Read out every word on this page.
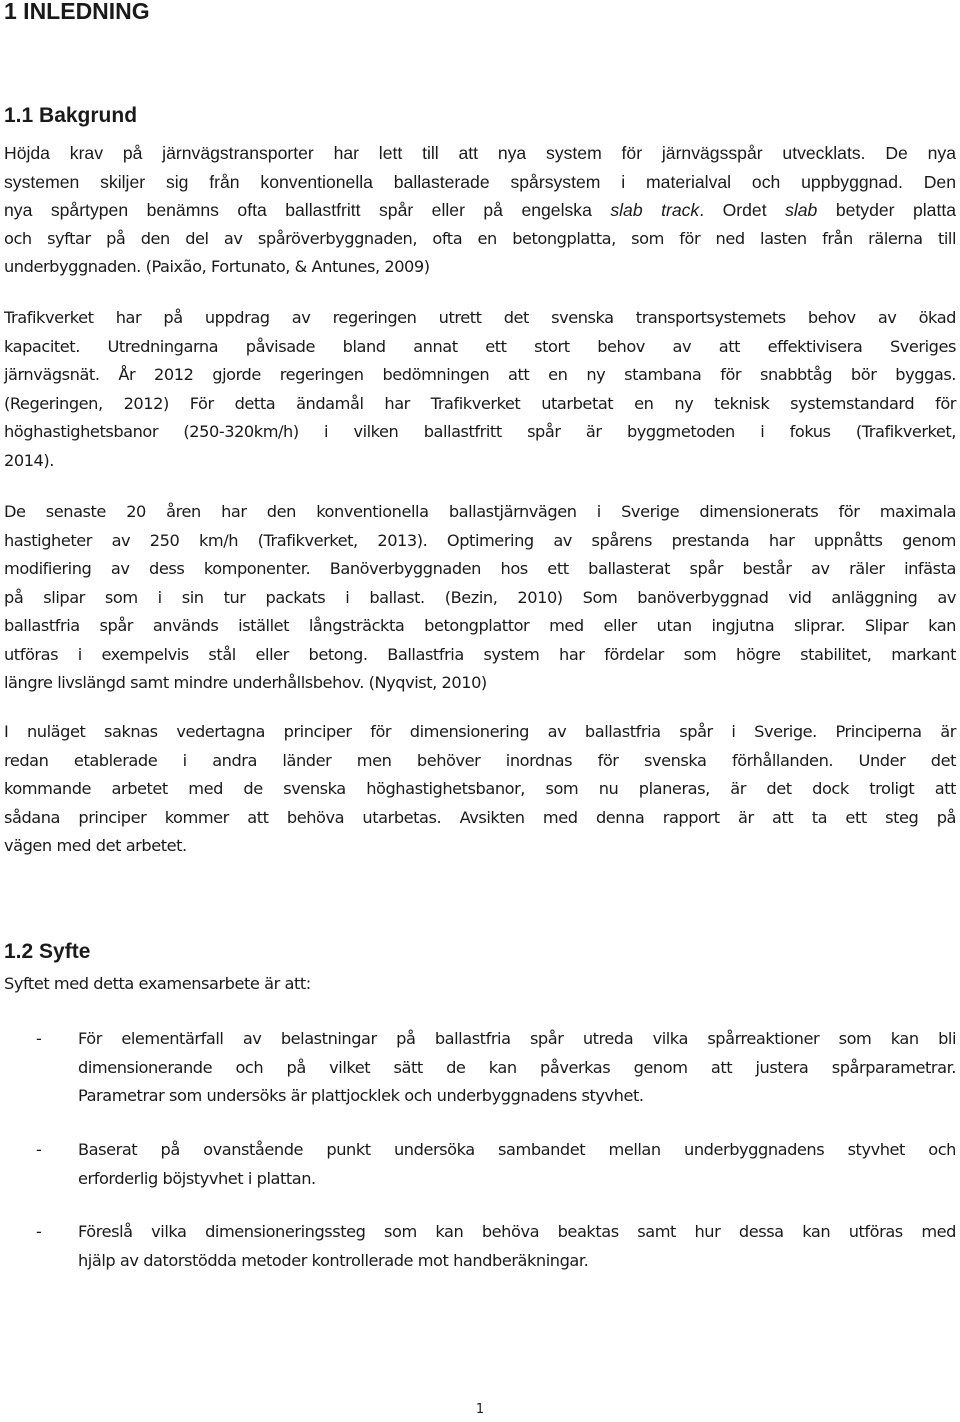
1 INLEDNING
1.1 Bakgrund
Höjda krav på järnvägstransporter har lett till att nya system för järnvägsspår utvecklats. De nya
systemen skiljer sig från konventionella ballasterade spårsystem i materialval och uppbyggnad. Den
nya spårtypen benämns ofta ballastfritt spår eller på engelska slab track. Ordet slab betyder platta
och syftar på den del av spåröverbyggnaden, ofta en betongplatta, som för ned lasten från rälerna till
underbyggnaden. (Paixão, Fortunato, & Antunes, 2009)
Trafikverket har på uppdrag av regeringen utrett det svenska transportsystemets behov av ökad
kapacitet. Utredningarna påvisade bland annat ett stort behov av att effektivisera Sveriges
järnvägsnät. År 2012 gjorde regeringen bedömningen att en ny stambana för snabbtåg bör byggas.
(Regeringen, 2012) För detta ändamål har Trafikverket utarbetat en ny teknisk systemstandard för
höghastighetsbanor (250-320km/h) i vilken ballastfritt spår är byggmetoden i fokus (Trafikverket,
2014).
De senaste 20 åren har den konventionella ballastjärnvägen i Sverige dimensionerats för maximala
hastigheter av 250 km/h (Trafikverket, 2013). Optimering av spårens prestanda har uppnåtts genom
modifiering av dess komponenter. Banöverbyggnaden hos ett ballasterat spår består av räler infästa
på slipar som i sin tur packats i ballast. (Bezin, 2010) Som banöverbyggnad vid anläggning av
ballastfria spår används istället långsträckta betongplattor med eller utan ingjutna sliprar. Slipar kan
utföras i exempelvis stål eller betong. Ballastfria system har fördelar som högre stabilitet, markant
längre livslängd samt mindre underhållsbehov. (Nyqvist, 2010)
I nuläget saknas vedertagna principer för dimensionering av ballastfria spår i Sverige. Principerna är
redan etablerade i andra länder men behöver inordnas för svenska förhållanden. Under det
kommande arbetet med de svenska höghastighetsbanor, som nu planeras, är det dock troligt att
sådana principer kommer att behöva utarbetas. Avsikten med denna rapport är att ta ett steg på
vägen med det arbetet.
1.2 Syfte
Syftet med detta examensarbete är att:
- För elementärfall av belastningar på ballastfria spår utreda vilka spårreaktioner som kan bli
dimensionerande och på vilket sätt de kan påverkas genom att justera spårparametrar.
Parametrar som undersöks är plattjocklek och underbyggnadens styvhet.
- Baserat på ovanstående punkt undersöka sambandet mellan underbyggnadens styvhet och
erforderlig böjstyvhet i plattan.
- Föreslå vilka dimensioneringssteg som kan behöva beaktas samt hur dessa kan utföras med
hjälp av datorstödda metoder kontrollerade mot handberäkningar.
1
